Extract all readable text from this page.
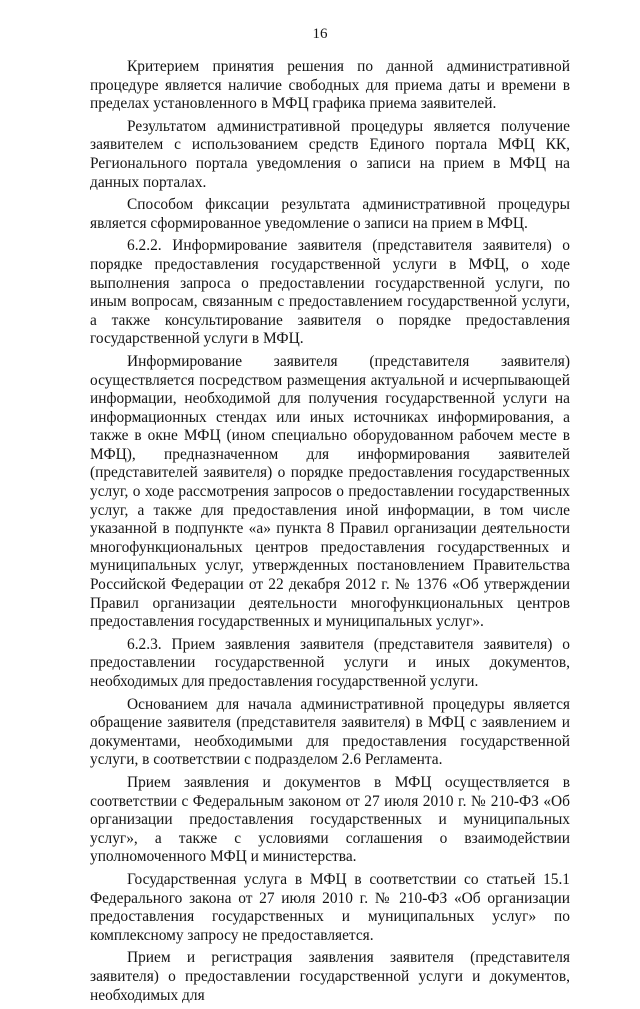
16

Критерием принятия решения по данной административной процедуре является наличие свободных для приема даты и времени в пределах установленного в МФЦ графика приема заявителей.

Результатом административной процедуры является получение заявителем с использованием средств Единого портала МФЦ КК, Регионального портала уведомления о записи на прием в МФЦ на данных порталах.

Способом фиксации результата административной процедуры является сформированное уведомление о записи на прием в МФЦ.

6.2.2. Информирование заявителя (представителя заявителя) о порядке предоставления государственной услуги в МФЦ, о ходе выполнения запроса о предоставлении государственной услуги, по иным вопросам, связанным с предоставлением государственной услуги, а также консультирование заявителя о порядке предоставления государственной услуги в МФЦ.

Информирование заявителя (представителя заявителя) осуществляется посредством размещения актуальной и исчерпывающей информации, необходимой для получения государственной услуги на информационных стендах или иных источниках информирования, а также в окне МФЦ (ином специально оборудованном рабочем месте в МФЦ), предназначенном для информирования заявителей (представителей заявителя) о порядке предоставления государственных услуг, о ходе рассмотрения запросов о предоставлении государственных услуг, а также для предоставления иной информации, в том числе указанной в подпункте «а» пункта 8 Правил организации деятельности многофункциональных центров предоставления государственных и муниципальных услуг, утвержденных постановлением Правительства Российской Федерации от 22 декабря 2012 г. № 1376 «Об утверждении Правил организации деятельности многофункциональных центров предоставления государственных и муниципальных услуг».

6.2.3. Прием заявления заявителя (представителя заявителя) о предоставлении государственной услуги и иных документов, необходимых для предоставления государственной услуги.

Основанием для начала административной процедуры является обращение заявителя (представителя заявителя) в МФЦ с заявлением и документами, необходимыми для предоставления государственной услуги, в соответствии с подразделом 2.6 Регламента.

Прием заявления и документов в МФЦ осуществляется в соответствии с Федеральным законом от 27 июля 2010 г. № 210-ФЗ «Об организации предоставления государственных и муниципальных услуг», а также с условиями соглашения о взаимодействии уполномоченного МФЦ и министерства.

Государственная услуга в МФЦ в соответствии со статьей 15.1 Федерального закона от 27 июля 2010 г. № 210-ФЗ «Об организации предоставления государственных и муниципальных услуг» по комплексному запросу не предоставляется.

Прием и регистрация заявления заявителя (представителя заявителя) о предоставлении государственной услуги и документов, необходимых для
